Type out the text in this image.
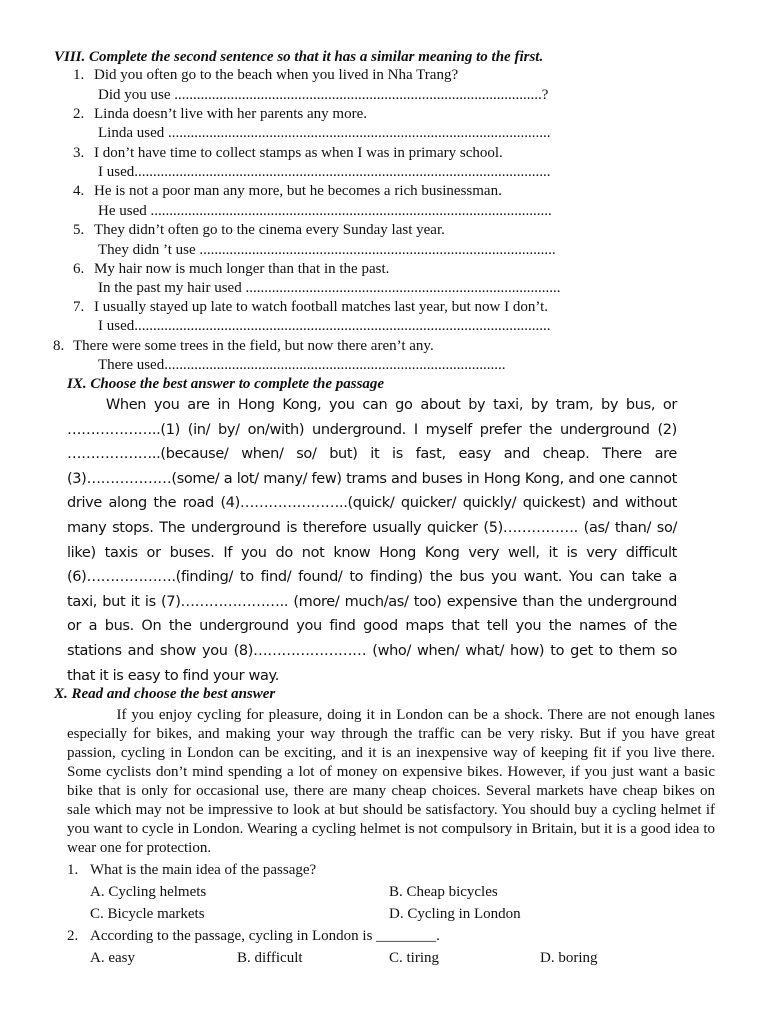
VIII. Complete the second sentence so that it has a similar meaning to the first.
1. Did you often go to the beach when you lived in Nha Trang?
Did you use ..................................................................................................?
2. Linda doesn’t live with her parents any more.
Linda used ......................................................................................................
3. I don’t have time to collect stamps as when I was in primary school.
I used...............................................................................................................
4. He is not a poor man any more, but he becomes a rich businessman.
He used ...........................................................................................................
5. They didn’t often go to the cinema every Sunday last year.
They didn ’t use ...............................................................................................
6. My hair now is much longer than that in the past.
In the past my hair used ....................................................................................
7. I usually stayed up late to watch football matches last year, but now I don’t.
I used...............................................................................................................
8. There were some trees in the field, but now there aren’t any.
There used...........................................................................................
IX. Choose the best answer to complete the passage

When you are in Hong Kong, you can go about by taxi, by tram, by bus, or ………………..(1) (in/ by/ on/with) underground. I myself prefer the underground (2) ………………..(because/ when/ so/ but) it is fast, easy and cheap. There are (3)………………(some/ a lot/ many/ few) trams and buses in Hong Kong, and one cannot drive along the road (4)…………………..(quick/ quicker/ quickly/ quickest) and without many stops. The underground is therefore usually quicker (5)……………. (as/ than/ so/ like) taxis or buses. If you do not know Hong Kong very well, it is very difficult (6)……………….(finding/ to find/ found/ to finding) the bus you want. You can take a taxi, but it is (7)………………….. (more/ much/as/ too) expensive than the underground or a bus. On the underground you find good maps that tell you the names of the stations and show you (8)…………………… (who/ when/ what/ how) to get to them so that it is easy to find your way.

X. Read and choose the best answer

If you enjoy cycling for pleasure, doing it in London can be a shock. There are not enough lanes especially for bikes, and making your way through the traffic can be very risky. But if you have great passion, cycling in London can be exciting, and it is an inexpensive way of keeping fit if you live there. Some cyclists don’t mind spending a lot of money on expensive bikes. However, if you just want a basic bike that is only for occasional use, there are many cheap choices. Several markets have cheap bikes on sale which may not be impressive to look at but should be satisfactory. You should buy a cycling helmet if you want to cycle in London. Wearing a cycling helmet is not compulsory in Britain, but it is a good idea to wear one for protection.

1. What is the main idea of the passage?
A. Cycling helmets	B. Cheap bicycles
C. Bicycle markets	D. Cycling in London
2. According to the passage, cycling in London is ________.
A. easy	B. difficult	C. tiring	D. boring
